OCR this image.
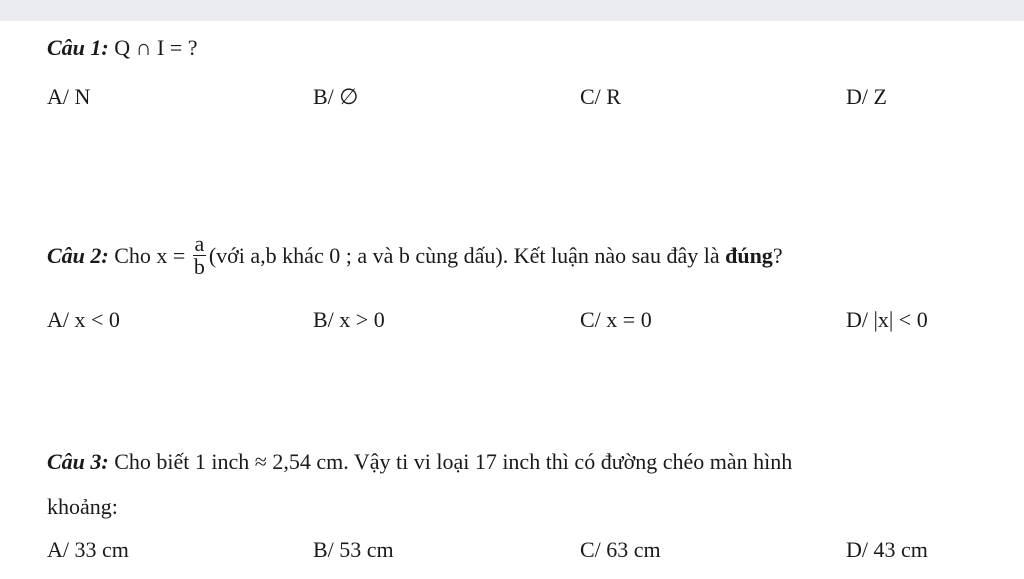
Câu 1: Q ∩ I = ?
A/ N	B/ ∅	C/ R	D/ Z
Câu 2: Cho $x = \frac{a}{b}$ (với a,b khác 0 ; a và b cùng dấu). Kết luận nào sau đây là đúng?
A/ x < 0	B/ x > 0	C/ x = 0	D/ |x| < 0
Câu 3: Cho biết 1 inch ≈ 2,54 cm. Vậy ti vi loại 17 inch thì có đường chéo màn hình
khoảng:
A/ 33 cm	B/ 53 cm	C/ 63 cm	D/ 43 cm
